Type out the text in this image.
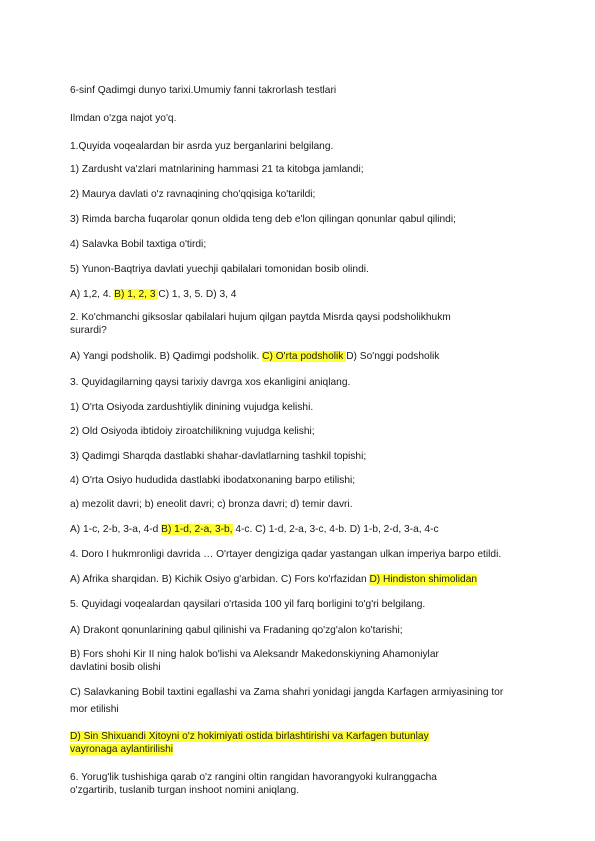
6-sinf Qadimgi dunyo tarixi.Umumiy fanni takrorlash testlari
Ilmdan o'zga najot yo'q.
1.Quyida voqealardan bir asrda yuz berganlarini belgilang.
1) Zardusht va'zlari matnlarining hammasi 21 ta kitobga jamlandi;
2) Maurya davlati o'z ravnaqining cho'qqisiga ko'tarildi;
3) Rimda barcha fuqarolar qonun oldida teng deb e'lon qilingan qonunlar qabul qilindi;
4) Salavka Bobil taxtiga o'tirdi;
5) Yunon-Baqtriya davlati yuechji qabilalari tomonidan bosib olindi.
A) 1,2, 4. B) 1, 2, 3 C) 1, 3, 5. D) 3, 4
2. Ko'chmanchi giksoslar qabilalari hujum qilgan paytda Misrda qaysi podsholikhukm surardi?
A) Yangi podsholik. B) Qadimgi podsholik. C) O'rta podsholik D) So'nggi podsholik
3. Quyidagilarning qaysi tarixiy davrga xos ekanligini aniqlang.
1) O'rta Osiyoda zardushtiylik dinining vujudga kelishi.
2) Old Osiyoda ibtidoiy ziroatchilikning vujudga kelishi;
3) Qadimgi Sharqda dastlabki shahar-davlatlarning tashkil topishi;
4) O'rta Osiyo hududida dastlabki ibodatxonaning barpo etilishi;
a) mezolit davri; b) eneolit davri; c) bronza davri; d) temir davri.
A) 1-c, 2-b, 3-a, 4-d B) 1-d, 2-a, 3-b, 4-c. C) 1-d, 2-a, 3-c, 4-b. D) 1-b, 2-d, 3-a, 4-c
4. Doro I hukmronligi davrida … O'rtayer dengiziga qadar yastangan ulkan imperiya barpo etildi.
A) Afrika sharqidan. B) Kichik Osiyo g'arbidan. C) Fors ko'rfazidan D) Hindiston shimolidan
5. Quyidagi voqealardan qaysilari o'rtasida 100 yil farq borligini to'g'ri belgilang.
A) Drakont qonunlarining qabul qilinishi va Fradaning qo'zg'alon ko'tarishi;
B) Fors shohi Kir II ning halok bo'lishi va Aleksandr Makedonskiyning Ahamoniylar davlatini bosib olishi
C) Salavkaning Bobil taxtini egallashi va Zama shahri yonidagi jangda Karfagen armiyasining tor mor etilishi
D) Sin Shixuandi Xitoyni o'z hokimiyati ostida birlashtirishi va Karfagen butunlay vayronaga aylantirilishi
6. Yorug'lik tushishiga qarab o'z rangini oltin rangidan havorangyoki kulranggacha o'zgartirib, tuslanib turgan inshoot nomini aniqlang.
